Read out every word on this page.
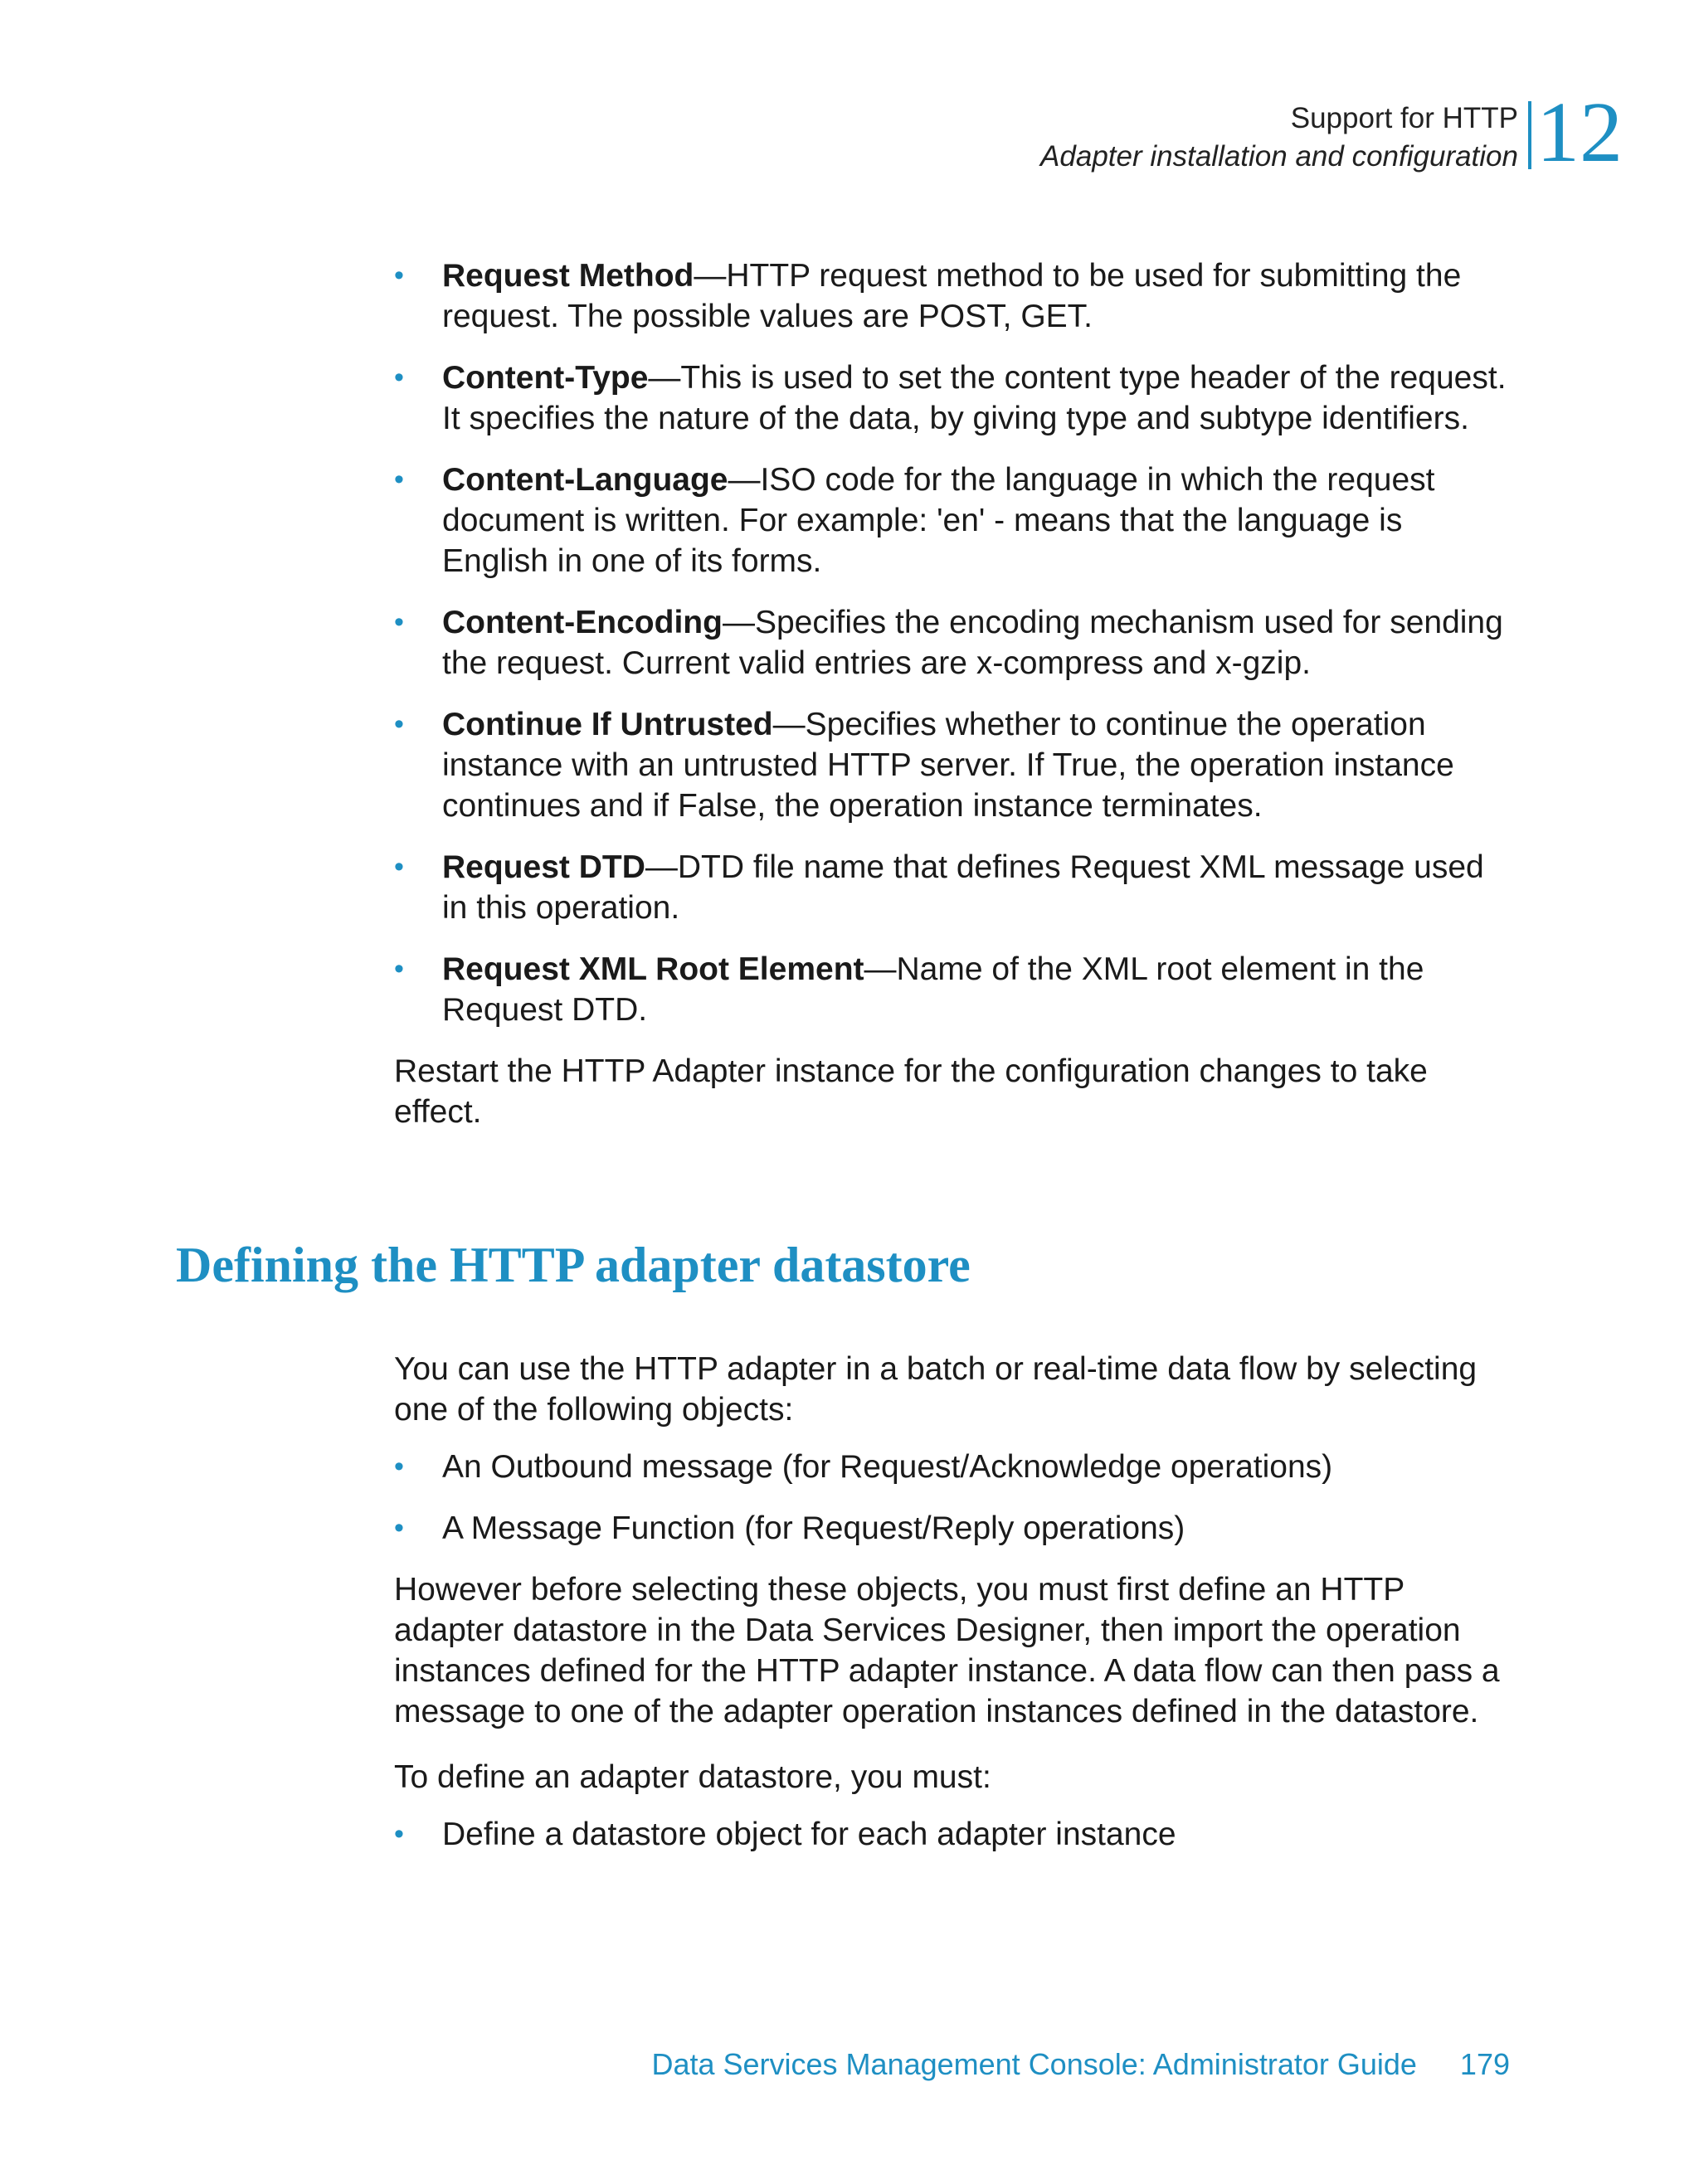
Support for HTTP
Adapter installation and configuration 12
• Request Method—HTTP request method to be used for submitting the request. The possible values are POST, GET.
• Content-Type—This is used to set the content type header of the request. It specifies the nature of the data, by giving type and subtype identifiers.
• Content-Language—ISO code for the language in which the request document is written. For example: 'en' - means that the language is English in one of its forms.
• Content-Encoding—Specifies the encoding mechanism used for sending the request. Current valid entries are x-compress and x-gzip.
• Continue If Untrusted—Specifies whether to continue the operation instance with an untrusted HTTP server. If True, the operation instance continues and if False, the operation instance terminates.
• Request DTD—DTD file name that defines Request XML message used in this operation.
• Request XML Root Element—Name of the XML root element in the Request DTD.

Restart the HTTP Adapter instance for the configuration changes to take effect.

Defining the HTTP adapter datastore

You can use the HTTP adapter in a batch or real-time data flow by selecting one of the following objects:

• An Outbound message (for Request/Acknowledge operations)
• A Message Function (for Request/Reply operations)

However before selecting these objects, you must first define an HTTP adapter datastore in the Data Services Designer, then import the operation instances defined for the HTTP adapter instance. A data flow can then pass a message to one of the adapter operation instances defined in the datastore.

To define an adapter datastore, you must:

• Define a datastore object for each adapter instance
Data Services Management Console: Administrator Guide 179
